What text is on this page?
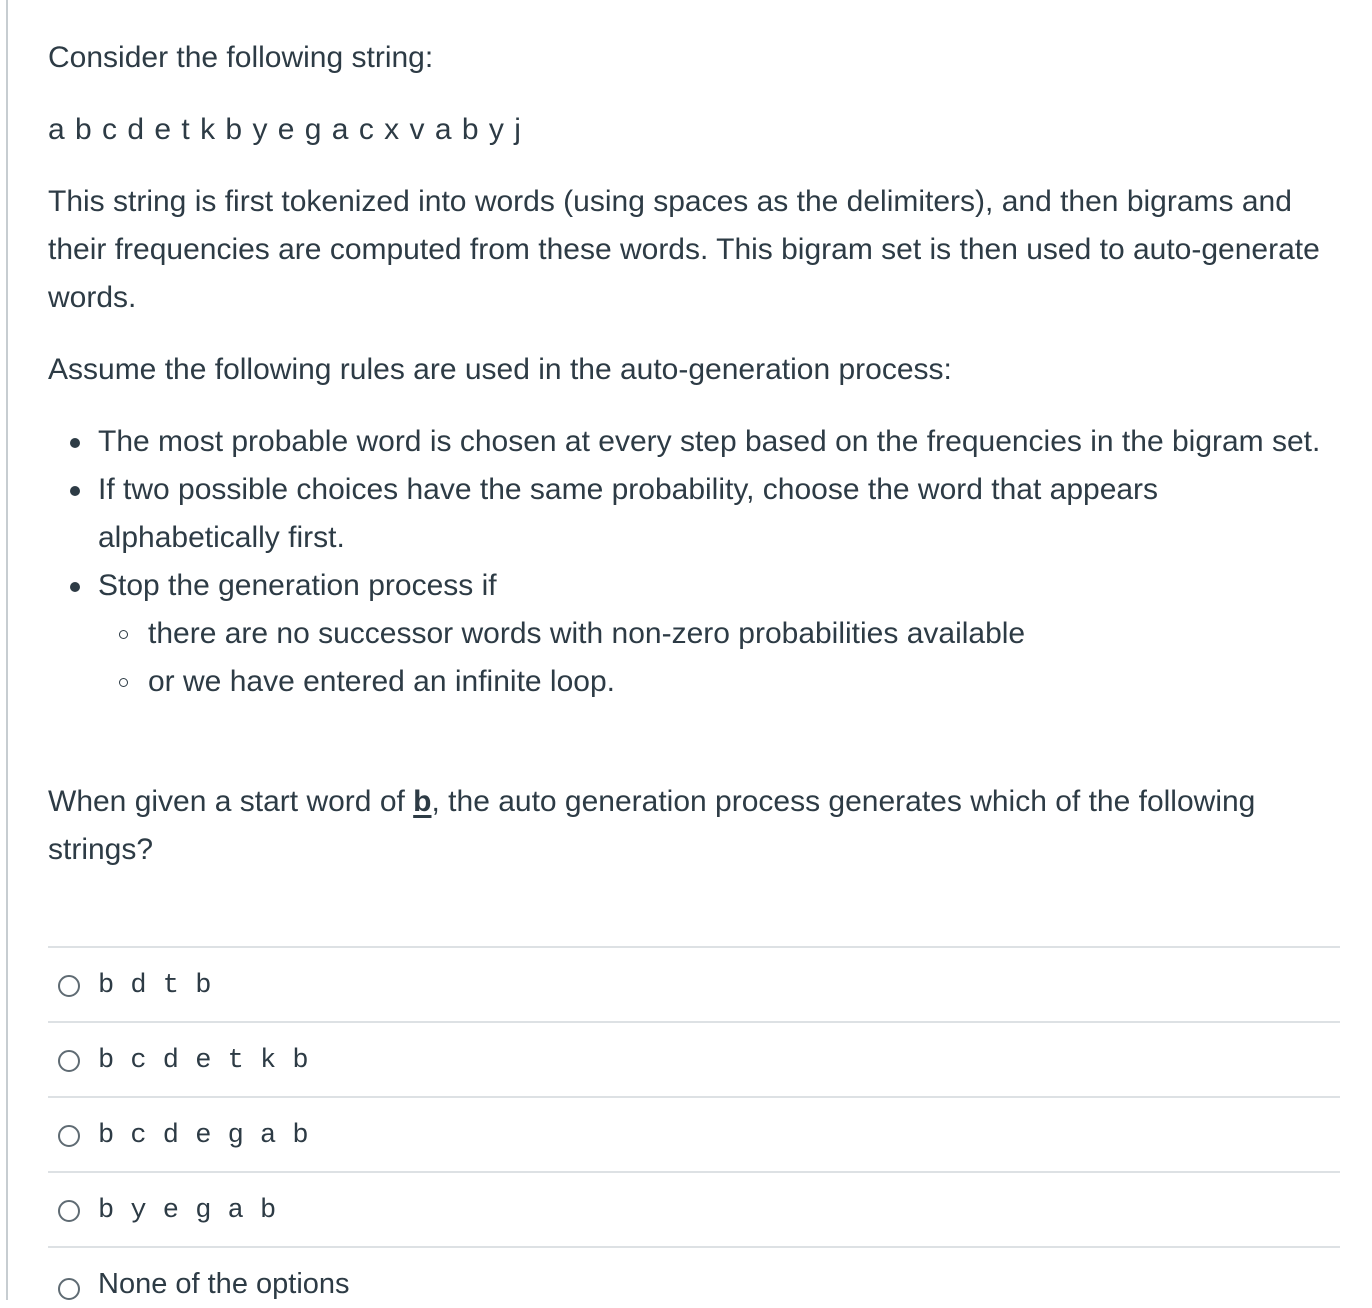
Consider the following string:

a b c d e t k b y e g a c x v a b y j

This string is first tokenized into words (using spaces as the delimiters), and then bigrams and their frequencies are computed from these words. This bigram set is then used to auto-generate words.

Assume the following rules are used in the auto-generation process:

The most probable word is chosen at every step based on the frequencies in the bigram set.
If two possible choices have the same probability, choose the word that appears alphabetically first.
Stop the generation process if
there are no successor words with non-zero probabilities available
or we have entered an infinite loop.

When given a start word of b, the auto generation process generates which of the following strings?

b d t b
b c d e t k b
b c d e g a b
b y e g a b
None of the options
